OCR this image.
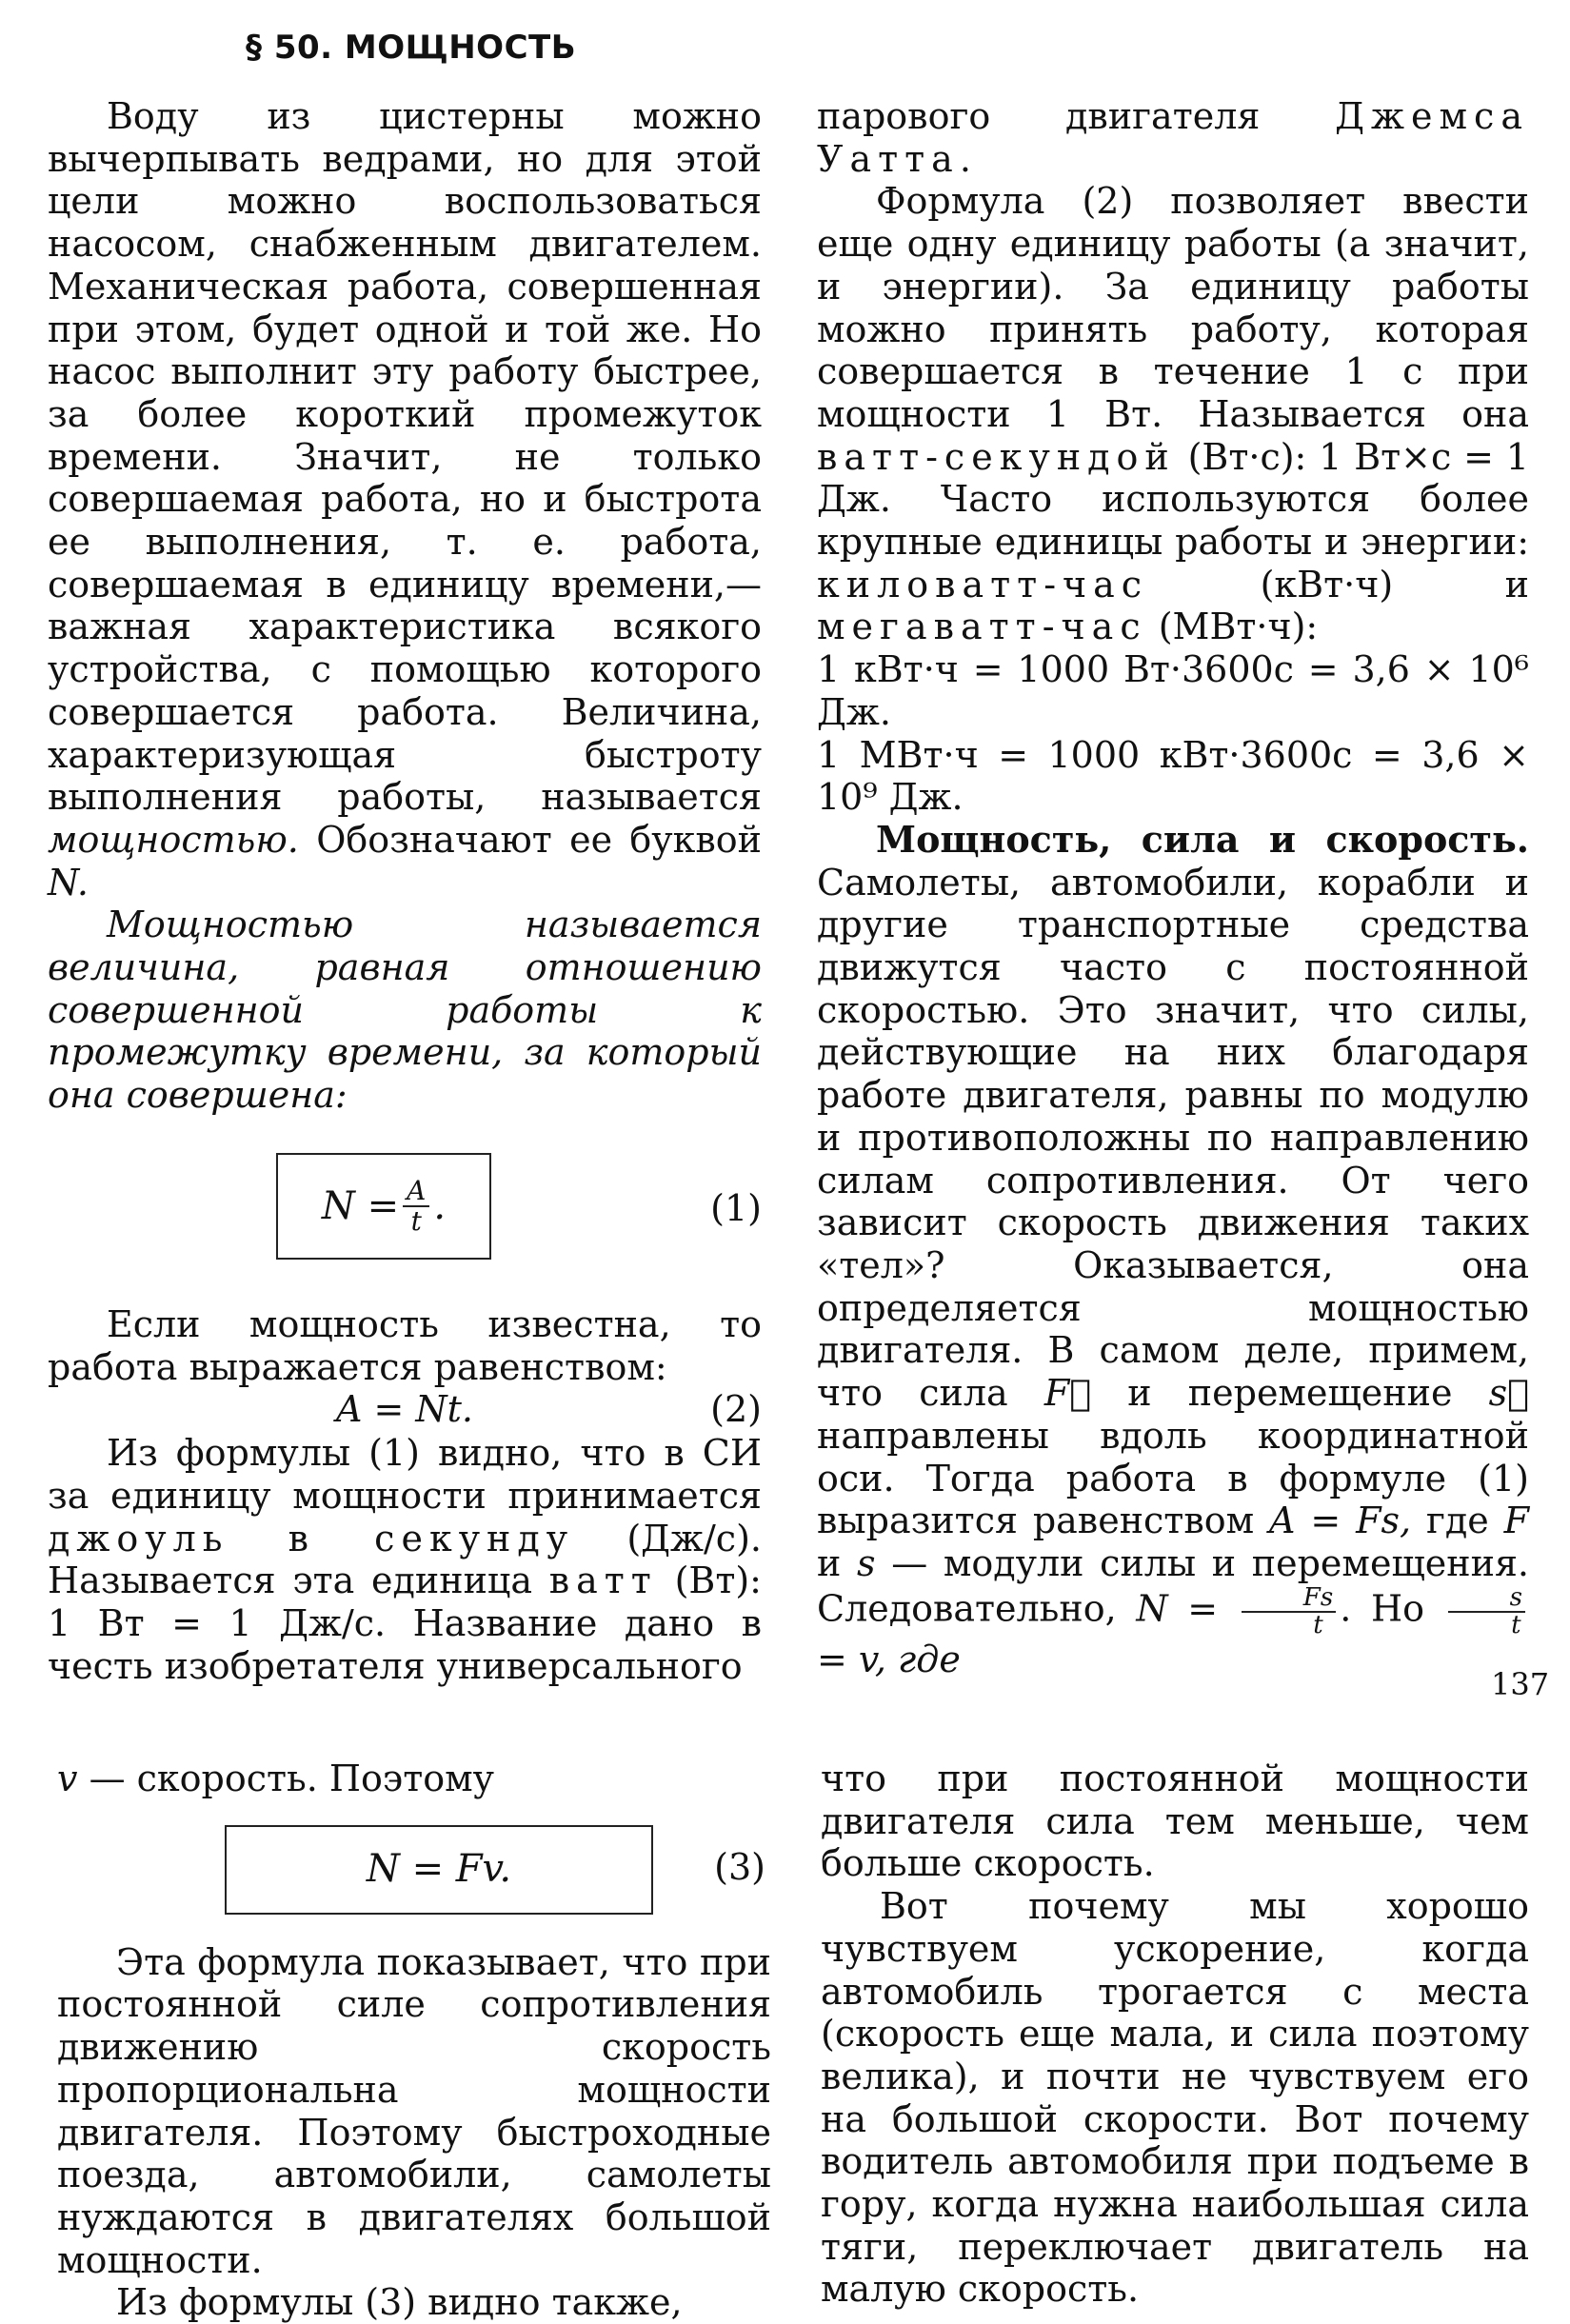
§ 50. МОЩНОСТЬ

Воду из цистерны можно вычерпывать ведрами, но для этой цели можно воспользоваться насосом, снабженным двигателем. Механическая работа, совершенная при этом, будет одной и той же. Но насос выполнит эту работу быстрее, за более короткий промежуток времени. Значит, не только совершаемая работа, но и быстрота ее выполнения, т. е. работа, совершаемая в единицу времени,— важная характеристика всякого устройства, с помощью которого совершается работа. Величина, характеризующая быстроту выполнения работы, называется мощностью. Обозначают ее буквой N.

Мощностью называется величина, равная отношению совершенной работы к промежутку времени, за который она совершена:

$N = \frac{A}{t}$ .	(1)

Если мощность известна, то работа выражается равенством:

A = Nt.	(2)

Из формулы (1) видно, что в СИ за единицу мощности принимается джоуль в секунду (Дж/с). Называется эта единица ватт (Вт): 1 Вт = 1 Дж/с. Название дано в честь изобретателя универсального

парового двигателя Джемса Уатта.

Формула (2) позволяет ввести еще одну единицу работы (а значит, и энергии). За единицу работы можно принять работу, которая совершается в течение 1 с при мощности 1 Вт. Называется она ватт-секундой (Вт·с): 1 Вт×с = 1 Дж. Часто используются более крупные единицы работы и энергии: киловатт-час	(кВт·ч) и мегаватт-час (МВт·ч):

1 кВт·ч = 1000 Вт·3600с = 3,6 × 10⁶ Дж.

1 МВт·ч = 1000 кВт·3600с = 3,6 × 10⁹ Дж.

Мощность, сила и скорость. Самолеты, автомобили, корабли и другие транспортные средства движутся часто с постоянной скоростью. Это значит, что силы, действующие на них благодаря работе двигателя, равны по модулю и противоположны по направлению силам сопротивления. От чего зависит скорость движения таких «тел»? Оказывается, она определяется мощностью двигателя. В самом деле, примем, что сила F⃗ и перемещение s⃗ направлены вдоль координатной оси. Тогда работа в формуле (1) выразится равенством A = Fs, где F и s — модули силы и перемещения. Следовательно, $N = \frac{Fs}{t}$ . Но $\frac{s}{t}$
= v, где

137

v — скорость. Поэтому

N = Fv.	(3)

Эта формула показывает, что при постоянной силе сопротивления движению скорость пропорциональна мощности двигателя. Поэтому быстроходные поезда, автомобили, самолеты нуждаются в двигателях большой мощности.

Из формулы (3) видно также,

что при постоянной мощности двигателя сила тем меньше, чем больше скорость.

Вот почему мы хорошо чувствуем ускорение, когда автомобиль трогается с места (скорость еще мала, и сила поэтому велика), и почти не чувствуем его на большой скорости. Вот почему водитель автомобиля при подъеме в гору, когда нужна наибольшая сила тяги, переключает двигатель на малую скорость.
